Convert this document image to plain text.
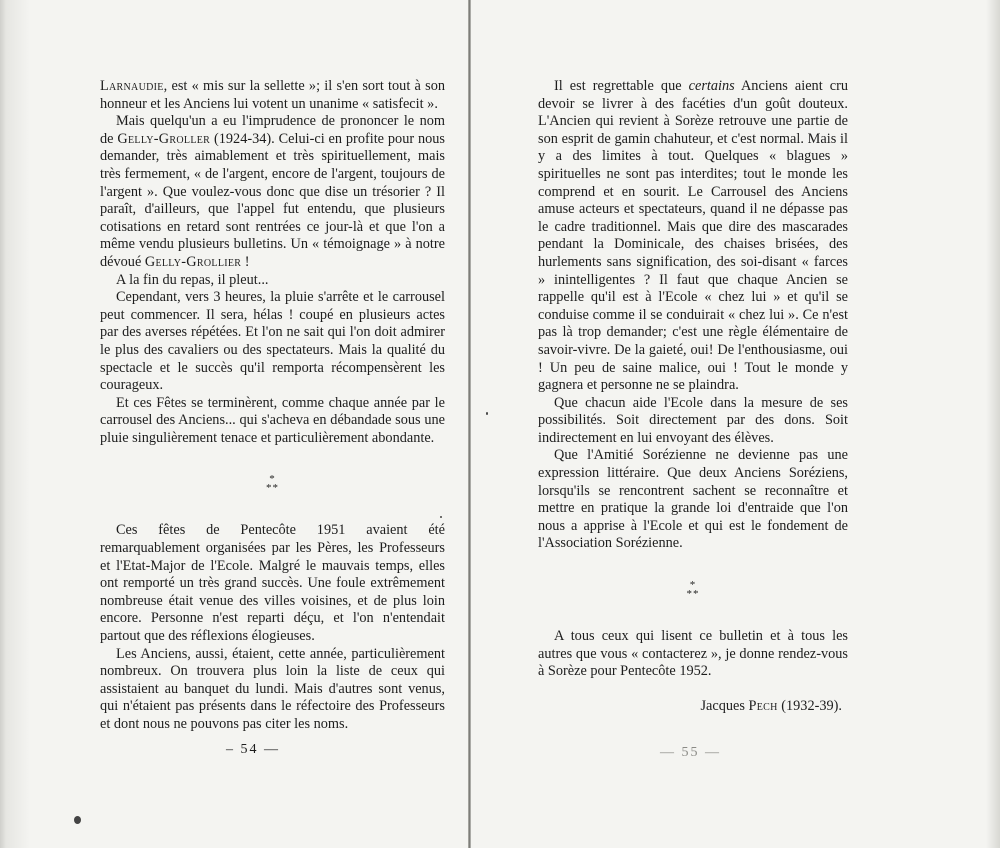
Larnaudie, est « mis sur la sellette »; il s'en sort tout à son honneur et les Anciens lui votent un unanime « satisfecit ».

Mais quelqu'un a eu l'imprudence de prononcer le nom de Gelly-Groller (1924-34). Celui-ci en profite pour nous demander, très aimablement et très spirituellement, mais très fermement, « de l'argent, encore de l'argent, toujours de l'argent ». Que voulez-vous donc que dise un trésorier ? Il paraît, d'ailleurs, que l'appel fut entendu, que plusieurs cotisations en retard sont rentrées ce jour-là et que l'on a même vendu plusieurs bulletins. Un « témoignage » à notre dévoué Gelly-Grollier !

A la fin du repas, il pleut...

Cependant, vers 3 heures, la pluie s'arrête et le carrousel peut commencer. Il sera, hélas ! coupé en plusieurs actes par des averses répétées. Et l'on ne sait qui l'on doit admirer le plus des cavaliers ou des spectateurs. Mais la qualité du spectacle et le succès qu'il remporta récompensèrent les courageux.

Et ces Fêtes se terminèrent, comme chaque année par le carrousel des Anciens... qui s'acheva en débandade sous une pluie singulièrement tenace et particulièrement abondante.

*
**

Ces fêtes de Pentecôte 1951 avaient été remarquablement organisées par les Pères, les Professeurs et l'Etat-Major de l'Ecole. Malgré le mauvais temps, elles ont remporté un très grand succès. Une foule extrêmement nombreuse était venue des villes voisines, et de plus loin encore. Personne n'est reparti déçu, et l'on n'entendait partout que des réflexions élogieuses.

Les Anciens, aussi, étaient, cette année, particulièrement nombreux. On trouvera plus loin la liste de ceux qui assistaient au banquet du lundi. Mais d'autres sont venus, qui n'étaient pas présents dans le réfectoire des Professeurs et dont nous ne pouvons pas citer les noms.

– 54 —

Il est regrettable que certains Anciens aient cru devoir se livrer à des facéties d'un goût douteux. L'Ancien qui revient à Sorèze retrouve une partie de son esprit de gamin chahuteur, et c'est normal. Mais il y a des limites à tout. Quelques « blagues » spirituelles ne sont pas interdites; tout le monde les comprend et en sourit. Le Carrousel des Anciens amuse acteurs et spectateurs, quand il ne dépasse pas le cadre traditionnel. Mais que dire des mascarades pendant la Dominicale, des chaises brisées, des hurlements sans signification, des soi-disant « farces » inintelligentes ? Il faut que chaque Ancien se rappelle qu'il est à l'Ecole « chez lui » et qu'il se conduise comme il se conduirait « chez lui ». Ce n'est pas là trop demander; c'est une règle élémentaire de savoir-vivre. De la gaieté, oui! De l'enthousiasme, oui ! Un peu de saine malice, oui ! Tout le monde y gagnera et personne ne se plaindra.

Que chacun aide l'Ecole dans la mesure de ses possibilités. Soit directement par des dons. Soit indirectement en lui envoyant des élèves.

Que l'Amitié Sorézienne ne devienne pas une expression littéraire. Que deux Anciens Soréziens, lorsqu'ils se rencontrent sachent se reconnaître et mettre en pratique la grande loi d'entraide que l'on nous a apprise à l'Ecole et qui est le fondement de l'Association Sorézienne.

*
**

A tous ceux qui lisent ce bulletin et à tous les autres que vous « contacterez », je donne rendez-vous à Sorèze pour Pentecôte 1952.

Jacques Pech (1932-39).
— 55 —
